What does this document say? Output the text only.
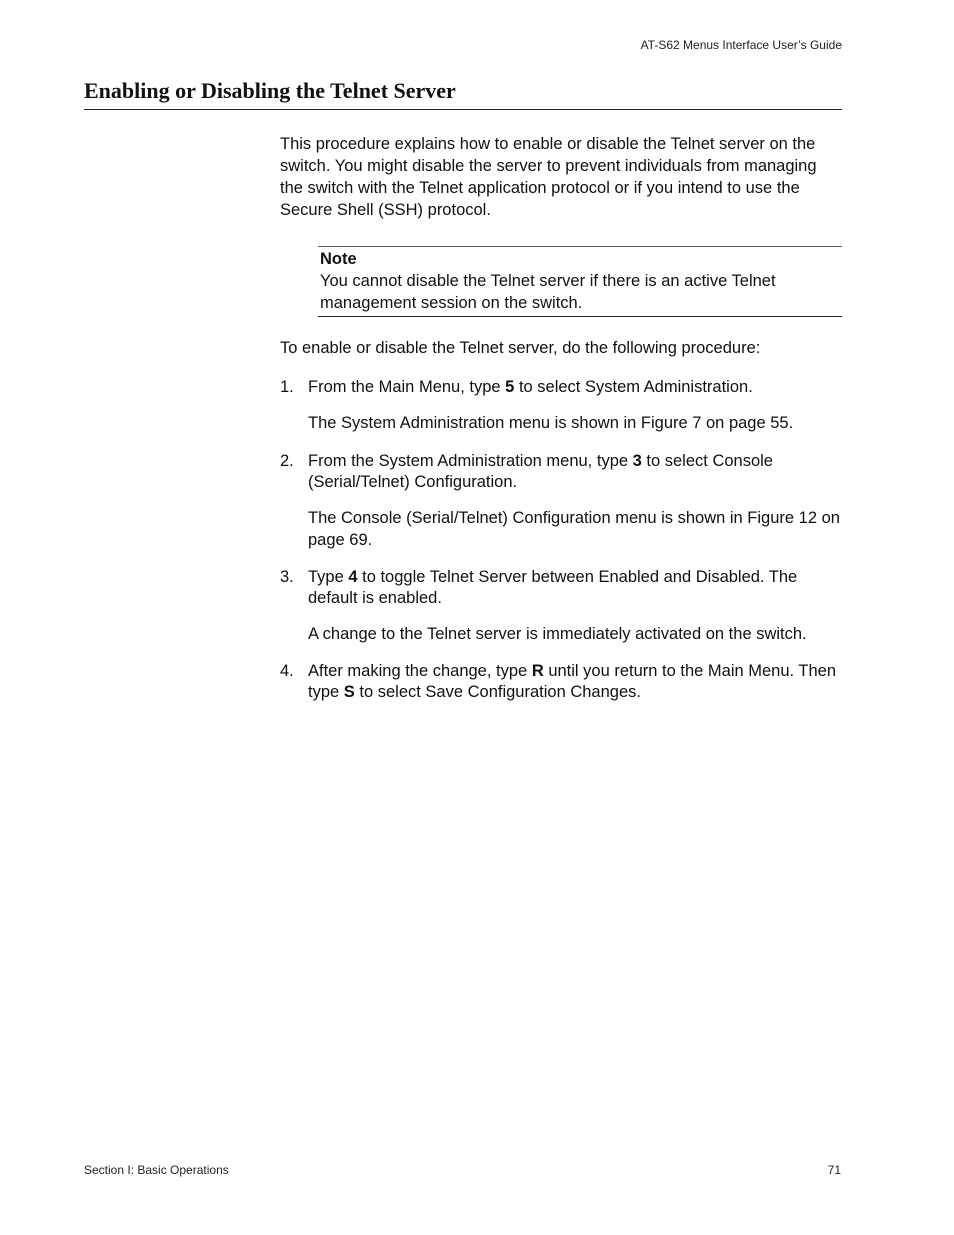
AT-S62 Menus Interface User’s Guide
Enabling or Disabling the Telnet Server

This procedure explains how to enable or disable the Telnet server on the switch. You might disable the server to prevent individuals from managing the switch with the Telnet application protocol or if you intend to use the Secure Shell (SSH) protocol.

Note
You cannot disable the Telnet server if there is an active Telnet management session on the switch.

To enable or disable the Telnet server, do the following procedure:

1. From the Main Menu, type 5 to select System Administration.

The System Administration menu is shown in Figure 7 on page 55.

2. From the System Administration menu, type 3 to select Console (Serial/Telnet) Configuration.

The Console (Serial/Telnet) Configuration menu is shown in Figure 12 on page 69.

3. Type 4 to toggle Telnet Server between Enabled and Disabled. The default is enabled.

A change to the Telnet server is immediately activated on the switch.

4. After making the change, type R until you return to the Main Menu. Then type S to select Save Configuration Changes.

Section I: Basic Operations	71
